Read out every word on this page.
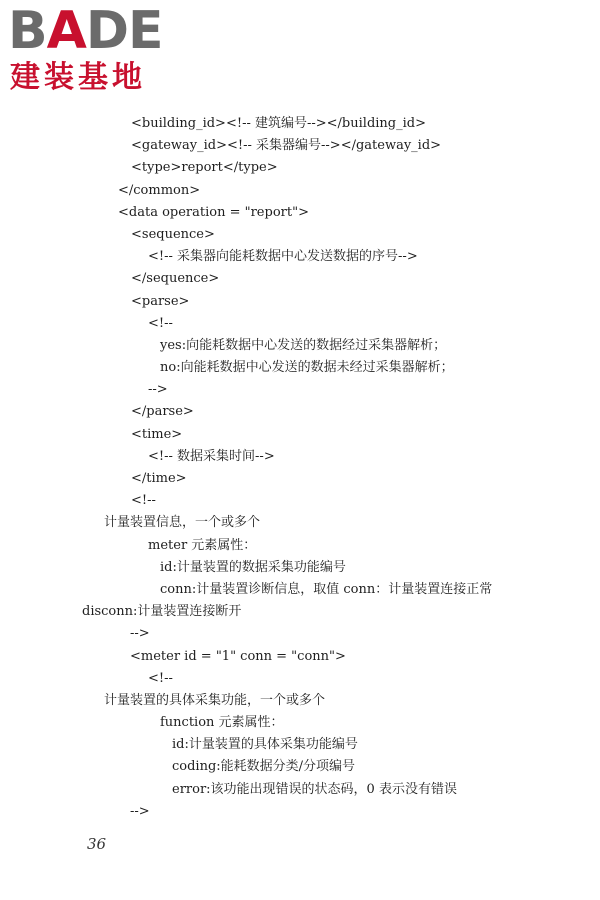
BADE
建装基地
<building_id><!-- 建筑编号--></building_id>
<gateway_id><!-- 采集器编号--></gateway_id>
<type>report</type>
</common>
<data operation = "report">
<sequence>
<!-- 采集器向能耗数据中心发送数据的序号-->
</sequence>
<parse>
<!--
yes:向能耗数据中心发送的数据经过采集器解析；
no:向能耗数据中心发送的数据未经过采集器解析；
-->
</parse>
<time>
<!-- 数据采集时间-->
</time>
<!--
计量装置信息，一个或多个
meter 元素属性：
id:计量装置的数据采集功能编号
conn:计量装置诊断信息，取值 conn：计量装置连接正常
disconn:计量装置连接断开
-->
<meter id = "1" conn = "conn">
<!--
计量装置的具体采集功能，一个或多个
function 元素属性：
id:计量装置的具体采集功能编号
coding:能耗数据分类/分项编号
error:该功能出现错误的状态码，0 表示没有错误
-->
36
